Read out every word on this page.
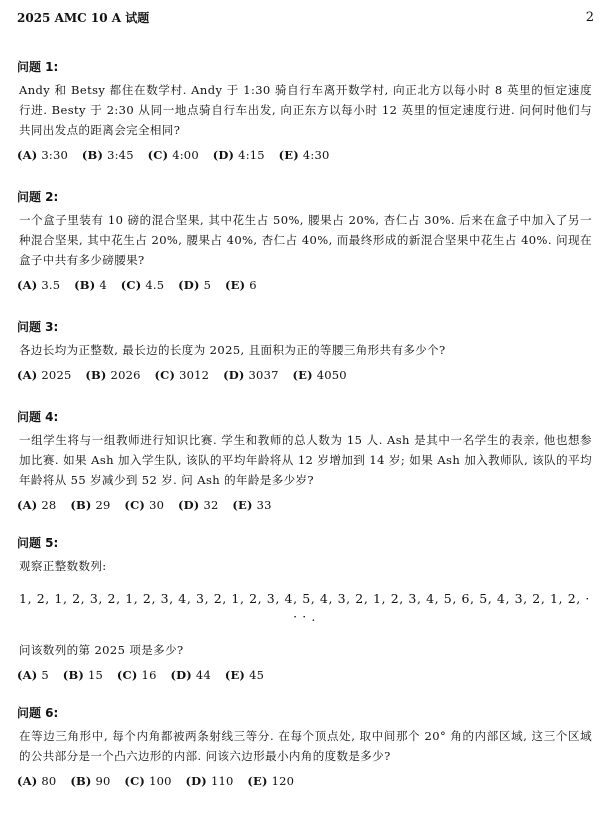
2025 AMC 10 A 试题	2
问题 1:

Andy 和 Betsy 都住在数学村. Andy 于 1:30 骑自行车离开数学村, 向正北方以每小时 8 英里的恒定速度行进. Besty 于 2:30 从同一地点骑自行车出发, 向正东方以每小时 12 英里的恒定速度行进. 问何时他们与共同出发点的距离会完全相同?

(A) 3:30 (B) 3:45 (C) 4:00 (D) 4:15 (E) 4:30
问题 2:

一个盒子里装有 10 磅的混合坚果, 其中花生占 50%, 腰果占 20%, 杏仁占 30%. 后来在盒子中加入了另一种混合坚果, 其中花生占 20%, 腰果占 40%, 杏仁占 40%, 而最终形成的新混合坚果中花生占 40%. 问现在盒子中共有多少磅腰果?

(A) 3.5 (B) 4 (C) 4.5 (D) 5 (E) 6
问题 3:

各边长均为正整数, 最长边的长度为 2025, 且面积为正的等腰三角形共有多少个?

(A) 2025 (B) 2026 (C) 3012 (D) 3037 (E) 4050
问题 4:

一组学生将与一组教师进行知识比赛. 学生和教师的总人数为 15 人. Ash 是其中一名学生的表亲, 他也想参加比赛. 如果 Ash 加入学生队, 该队的平均年龄将从 12 岁增加到 14 岁; 如果 Ash 加入教师队, 该队的平均年龄将从 55 岁减少到 52 岁. 问 Ash 的年龄是多少岁?

(A) 28 (B) 29 (C) 30 (D) 32 (E) 33
问题 5:

观察正整数数列:

1, 2, 1, 2, 3, 2, 1, 2, 3, 4, 3, 2, 1, 2, 3, 4, 5, 4, 3, 2, 1, 2, 3, 4, 5, 6, 5, 4, 3, 2, 1, 2, · · · .
问该数列的第 2025 项是多少?
(A) 5 (B) 15 (C) 16 (D) 44 (E) 45
问题 6:

在等边三角形中, 每个内角都被两条射线三等分. 在每个顶点处, 取中间那个 20° 角的内部区域, 这三个区域的公共部分是一个凸六边形的内部. 问该六边形最小内角的度数是多少?

(A) 80 (B) 90 (C) 100 (D) 110 (E) 120
